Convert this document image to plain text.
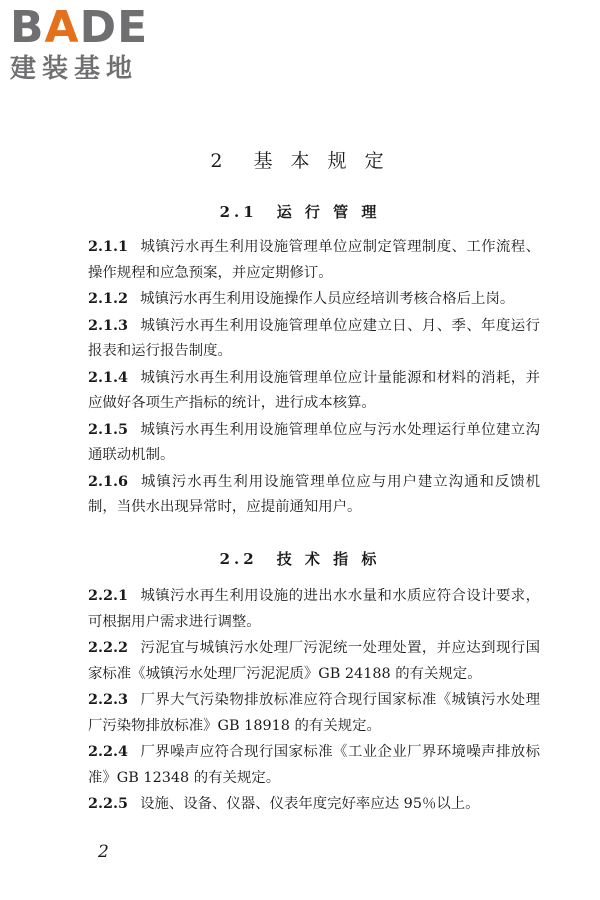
BADE
建装基地
2　基 本 规 定
2.1　运 行 管 理

2.1.1 城镇污水再生利用设施管理单位应制定管理制度、工作流程、操作规程和应急预案，并应定期修订。

2.1.2 城镇污水再生利用设施操作人员应经培训考核合格后上岗。

2.1.3 城镇污水再生利用设施管理单位应建立日、月、季、年度运行报表和运行报告制度。

2.1.4 城镇污水再生利用设施管理单位应计量能源和材料的消耗，并应做好各项生产指标的统计，进行成本核算。

2.1.5 城镇污水再生利用设施管理单位应与污水处理运行单位建立沟通联动机制。

2.1.6 城镇污水再生利用设施管理单位应与用户建立沟通和反馈机制，当供水出现异常时，应提前通知用户。

2.2　技 术 指 标

2.2.1 城镇污水再生利用设施的进出水水量和水质应符合设计要求，可根据用户需求进行调整。

2.2.2 污泥宜与城镇污水处理厂污泥统一处理处置，并应达到现行国家标准《城镇污水处理厂污泥泥质》GB 24188 的有关规定。

2.2.3 厂界大气污染物排放标准应符合现行国家标准《城镇污水处理厂污染物排放标准》GB 18918 的有关规定。

2.2.4 厂界噪声应符合现行国家标准《工业企业厂界环境噪声排放标准》GB 12348 的有关规定。

2.2.5 设施、设备、仪器、仪表年度完好率应达 95％以上。

2
